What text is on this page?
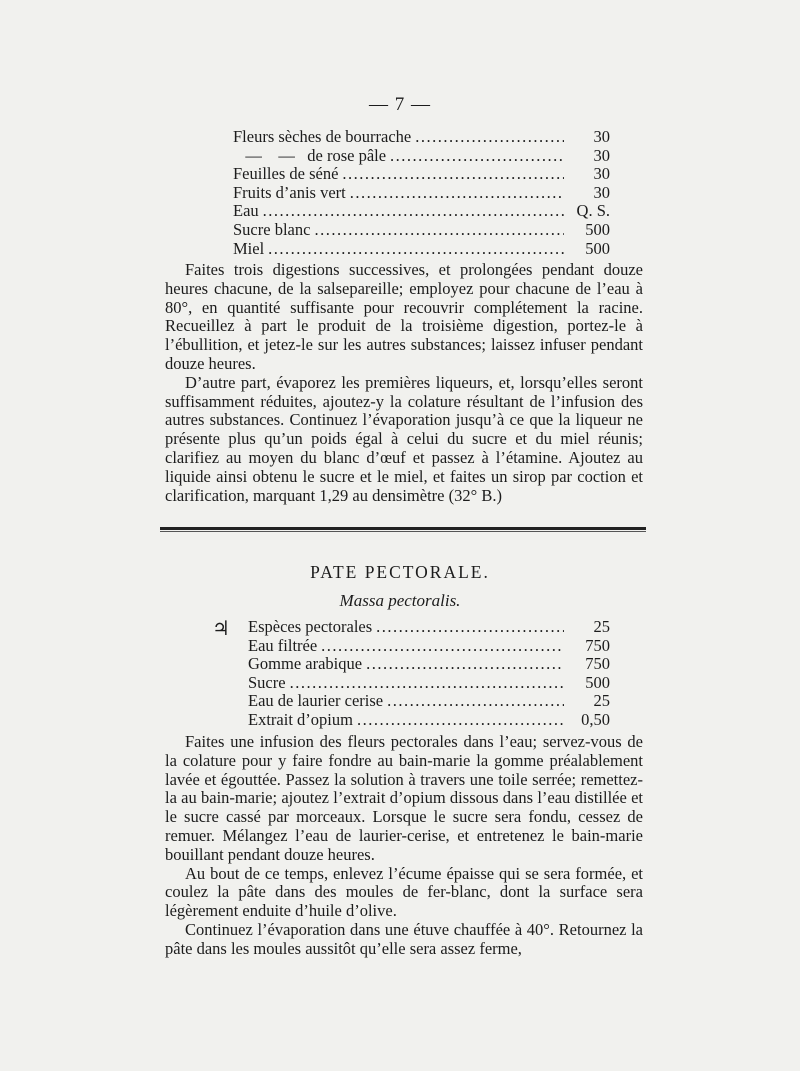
— 7 —
Fleurs sèches de bourrache .....	30
—    —   de rose pâle .....	30
Feuilles de séné .....	30
Fruits d’anis vert .....	30
Eau .....	Q. S.
Sucre blanc .....	500
Miel .....	500

Faites trois digestions successives, et prolongées pendant douze heures chacune, de la salsepareille; employez pour chacune de l’eau à 80°, en quantité suffisante pour recouvrir complétement la racine. Recueillez à part le produit de la troisième digestion, portez-le à l’ébullition, et jetez-le sur les autres substances; laissez infuser pendant douze heures.

D’autre part, évaporez les premières liqueurs, et, lorsqu’elles seront suffisamment réduites, ajoutez-y la colature résultant de l’infusion des autres substances. Continuez l’évaporation jusqu’à ce que la liqueur ne présente plus qu’un poids égal à celui du sucre et du miel réunis; clarifiez au moyen du blanc d’œuf et passez à l’étamine. Ajoutez au liquide ainsi obtenu le sucre et le miel, et faites un sirop par coction et clarification, marquant 1,29 au densimètre (32° B.)

PATE PECTORALE.
Massa pectoralis.
♃ Espèces pectorales .....	25
Eau filtrée .....	750
Gomme arabique .....	750
Sucre .....	500
Eau de laurier cerise .....	25
Extrait d’opium .....	0,50

Faites une infusion des fleurs pectorales dans l’eau; servez-vous de la colature pour y faire fondre au bain-marie la gomme préalablement lavée et égouttée. Passez la solution à travers une toile serrée; remettez-la au bain-marie; ajoutez l’extrait d’opium dissous dans l’eau distillée et le sucre cassé par morceaux. Lorsque le sucre sera fondu, cessez de remuer. Mélangez l’eau de laurier-cerise, et entretenez le bain-marie bouillant pendant douze heures.

Au bout de ce temps, enlevez l’écume épaisse qui se sera formée, et coulez la pâte dans des moules de fer-blanc, dont la surface sera légèrement enduite d’huile d’olive.

Continuez l’évaporation dans une étuve chauffée à 40°. Retournez la pâte dans les moules aussitôt qu’elle sera assez ferme,
